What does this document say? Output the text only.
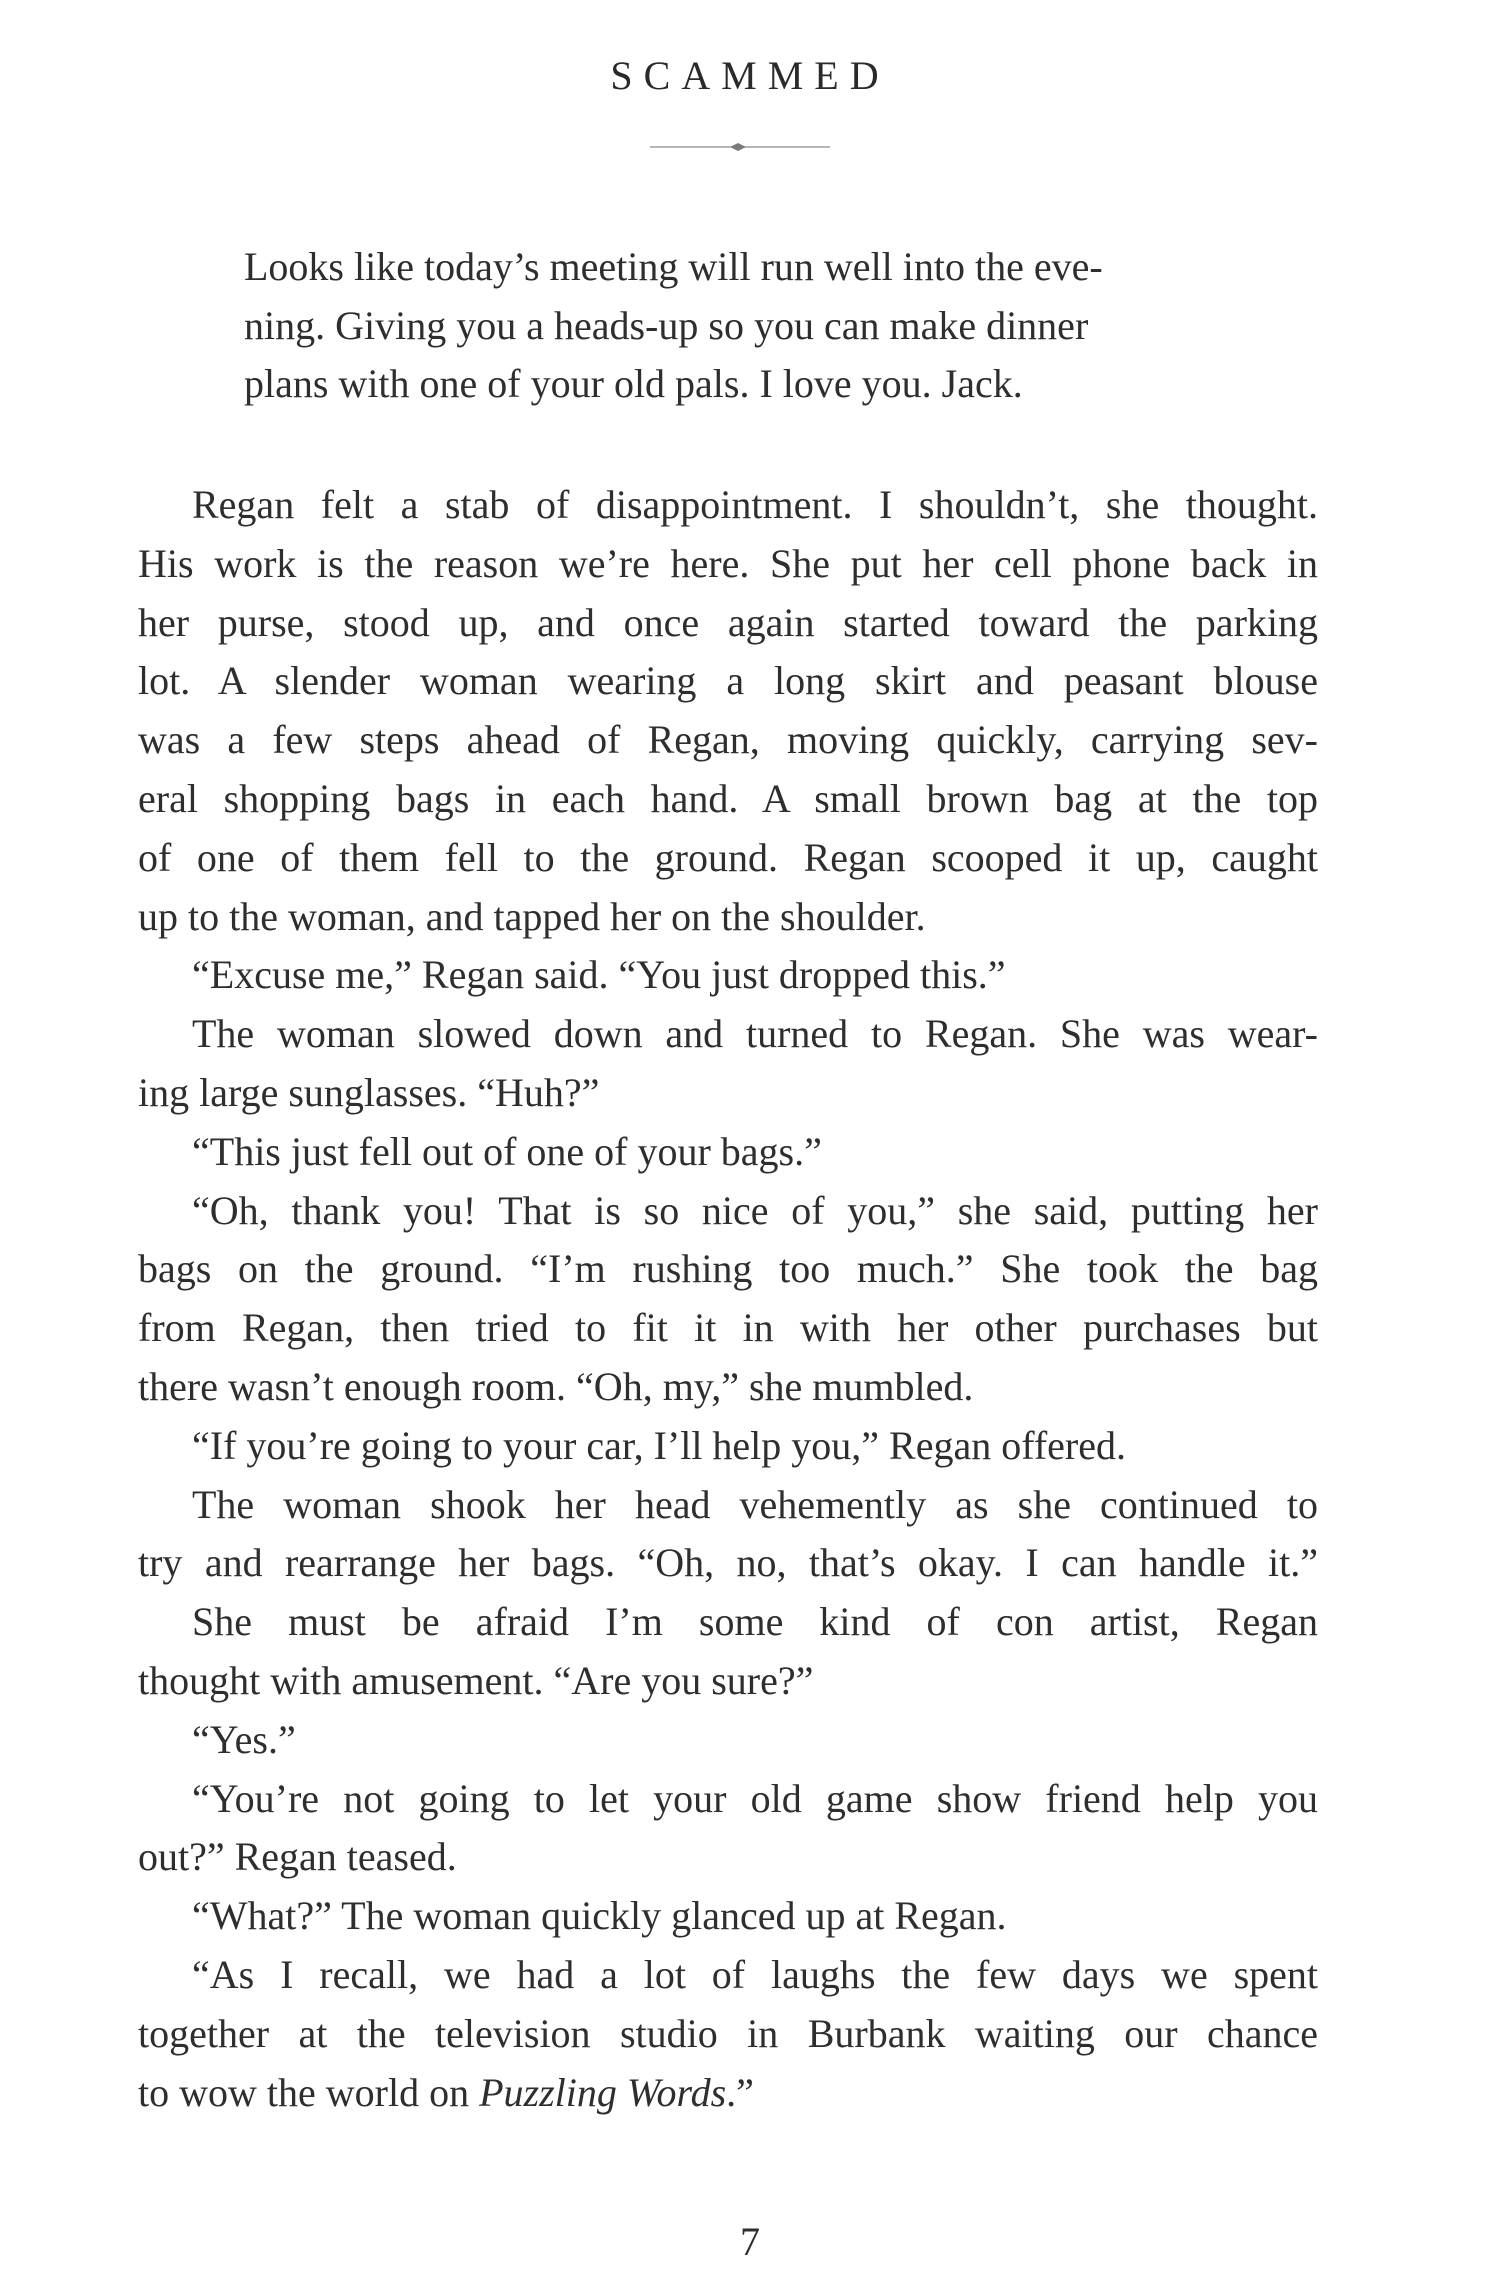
SCAMMED
Looks like today’s meeting will run well into the eve-
ning. Giving you a heads-up so you can make dinner
plans with one of your old pals. I love you. Jack.
Regan felt a stab of disappointment. I shouldn’t, she thought.
His work is the reason we’re here. She put her cell phone back in
her purse, stood up, and once again started toward the parking
lot. A slender woman wearing a long skirt and peasant blouse
was a few steps ahead of Regan, moving quickly, carrying sev-
eral shopping bags in each hand. A small brown bag at the top
of one of them fell to the ground. Regan scooped it up, caught
up to the woman, and tapped her on the shoulder.
“Excuse me,” Regan said. “You just dropped this.”
The woman slowed down and turned to Regan. She was wear-
ing large sunglasses. “Huh?”
“This just fell out of one of your bags.”
“Oh, thank you! That is so nice of you,” she said, putting her
bags on the ground. “I’m rushing too much.” She took the bag
from Regan, then tried to fit it in with her other purchases but
there wasn’t enough room. “Oh, my,” she mumbled.
“If you’re going to your car, I’ll help you,” Regan offered.
The woman shook her head vehemently as she continued to
try and rearrange her bags. “Oh, no, that’s okay. I can handle it.”
She must be afraid I’m some kind of con artist, Regan
thought with amusement. “Are you sure?”
“Yes.”
“You’re not going to let your old game show friend help you
out?” Regan teased.
“What?” The woman quickly glanced up at Regan.
“As I recall, we had a lot of laughs the few days we spent
together at the television studio in Burbank waiting our chance
to wow the world on Puzzling Words.”
7
